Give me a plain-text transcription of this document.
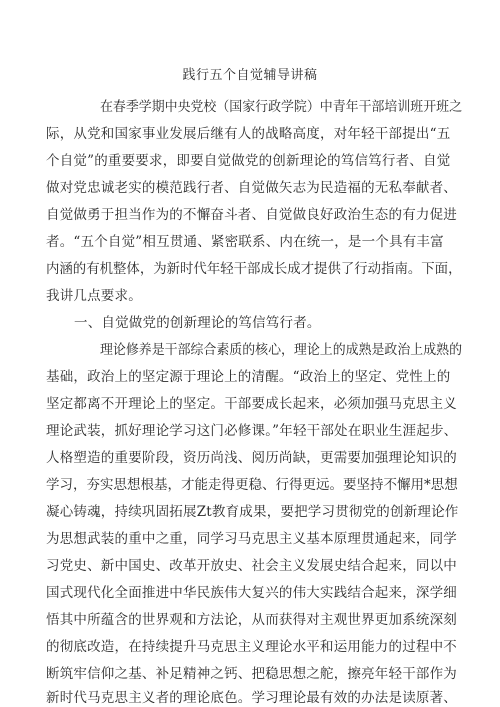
践行五个自觉辅导讲稿
在春季学期中央党校（国家行政学院）中青年干部培训班开班之
际，从党和国家事业发展后继有人的战略高度，对年轻干部提出“五
个自觉”的重要要求，即要自觉做党的创新理论的笃信笃行者、自觉
做对党忠诚老实的模范践行者、自觉做矢志为民造福的无私奉献者、
自觉做勇于担当作为的不懈奋斗者、自觉做良好政治生态的有力促进
者。“五个自觉”相互贯通、紧密联系、内在统一，是一个具有丰富
内涵的有机整体，为新时代年轻干部成长成才提供了行动指南。下面，
我讲几点要求。
一、自觉做党的创新理论的笃信笃行者。
理论修养是干部综合素质的核心，理论上的成熟是政治上成熟的
基础，政治上的坚定源于理论上的清醒。“政治上的坚定、党性上的
坚定都离不开理论上的坚定。干部要成长起来，必须加强马克思主义
理论武装，抓好理论学习这门必修课。”年轻干部处在职业生涯起步、
人格塑造的重要阶段，资历尚浅、阅历尚缺，更需要加强理论知识的
学习，夯实思想根基，才能走得更稳、行得更远。要坚持不懈用*思想
凝心铸魂，持续巩固拓展Zt教育成果，要把学习贯彻党的创新理论作
为思想武装的重中之重，同学习马克思主义基本原理贯通起来，同学
习党史、新中国史、改革开放史、社会主义发展史结合起来，同以中
国式现代化全面推进中华民族伟大复兴的伟大实践结合起来，深学细
悟其中所蕴含的世界观和方法论，从而获得对主观世界更加系统深刻
的彻底改造，在持续提升马克思主义理论水平和运用能力的过程中不
断筑牢信仰之基、补足精神之钙、把稳思想之舵，擦亮年轻干部作为
新时代马克思主义者的理论底色。学习理论最有效的办法是读原著、
